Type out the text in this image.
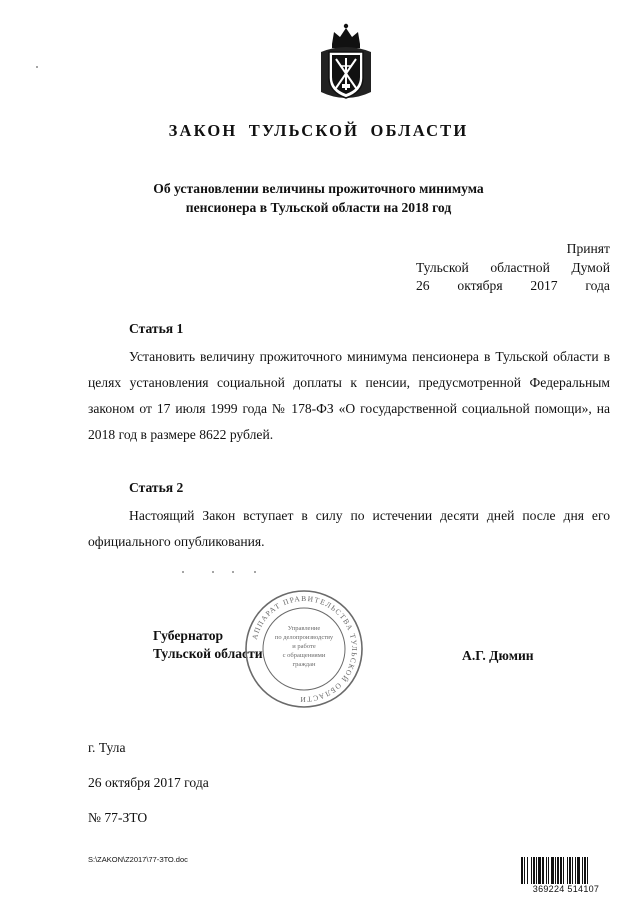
ЗАКОН ТУЛЬСКОЙ ОБЛАСТИ
Об установлении величины прожиточного минимума
пенсионера в Тульской области на 2018 год
Принят
Тульской областной Думой
26 октября 2017 года
Статья 1

Установить величину прожиточного минимума пенсионера в Тульской области в целях установления социальной доплаты к пенсии, предусмотренной Федеральным законом от 17 июля 1999 года № 178-ФЗ «О государственной социальной помощи», на 2018 год в размере 8622 рублей.

Статья 2

Настоящий Закон вступает в силу по истечении десяти дней после дня его официального опубликования.

Губернатор
Тульской области
АППАРАТ ПРАВИТЕЛЬСТВА ТУЛЬСКОЙ ОБЛАСТИ
Управление
по делопроизводству
и работе
с обращениями
граждан
А.Г. Дюмин
г. Тула
26 октября 2017 года
№ 77-ЗТО
S:\ZAKON\Z2017\77-ЗТО.doc
369224 514107
